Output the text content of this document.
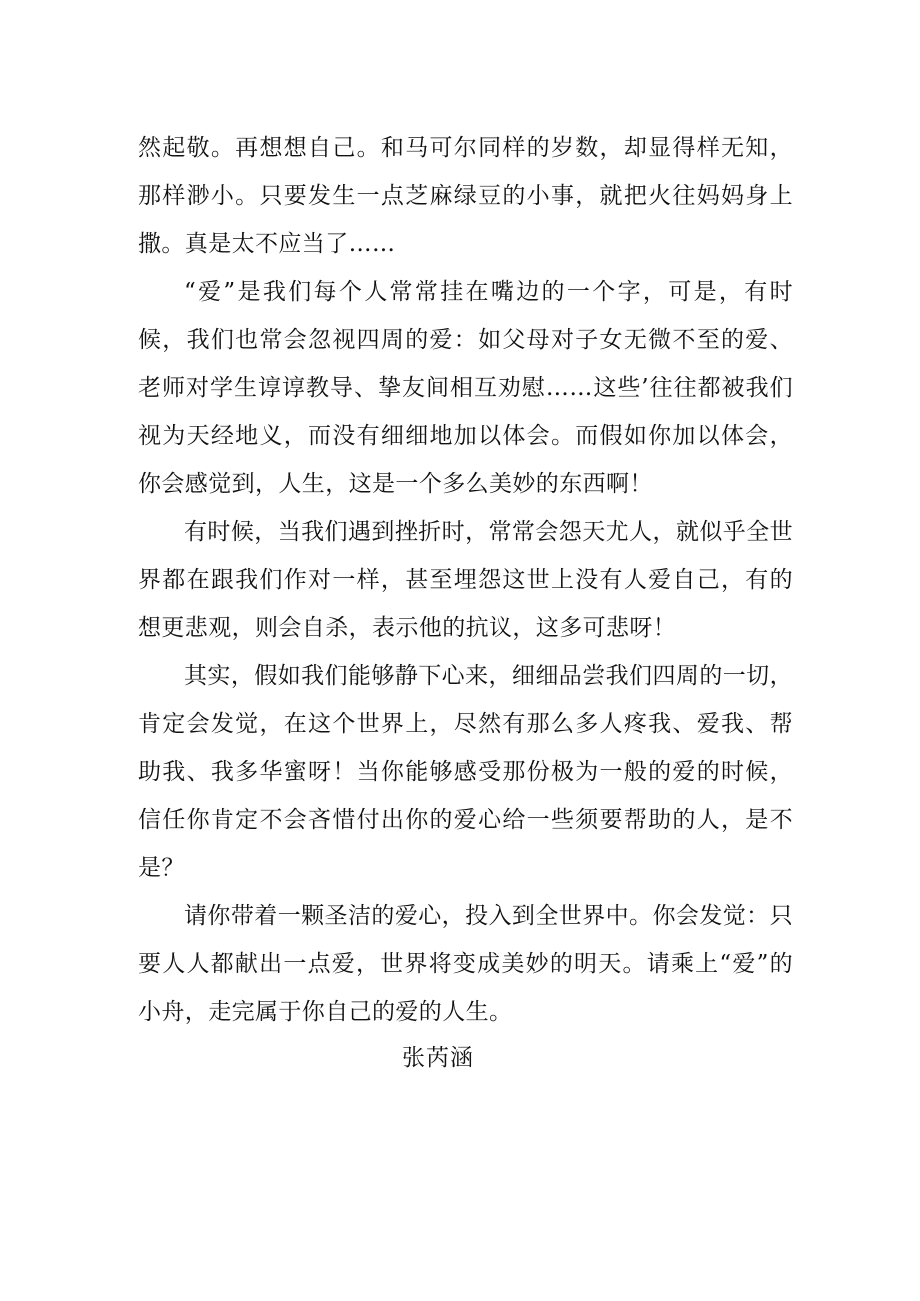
然起敬。再想想自己。和马可尔同样的岁数，却显得样无知，那样渺小。只要发生一点芝麻绿豆的小事，就把火往妈妈身上撒。真是太不应当了……

“爱”是我们每个人常常挂在嘴边的一个字，可是，有时候，我们也常会忽视四周的爱：如父母对子女无微不至的爱、老师对学生谆谆教导、挚友间相互劝慰……这些’往往都被我们视为天经地义，而没有细细地加以体会。而假如你加以体会，你会感觉到，人生，这是一个多么美妙的东西啊！

有时候，当我们遇到挫折时，常常会怨天尤人，就似乎全世界都在跟我们作对一样，甚至埋怨这世上没有人爱自己，有的想更悲观，则会自杀，表示他的抗议，这多可悲呀！

其实，假如我们能够静下心来，细细品尝我们四周的一切，肯定会发觉，在这个世界上，尽然有那么多人疼我、爱我、帮助我、我多华蜜呀！当你能够感受那份极为一般的爱的时候，信任你肯定不会吝惜付出你的爱心给一些须要帮助的人，是不是？

请你带着一颗圣洁的爱心，投入到全世界中。你会发觉：只要人人都献出一点爱，世界将变成美妙的明天。请乘上“爱”的小舟，走完属于你自己的爱的人生。

张芮涵
